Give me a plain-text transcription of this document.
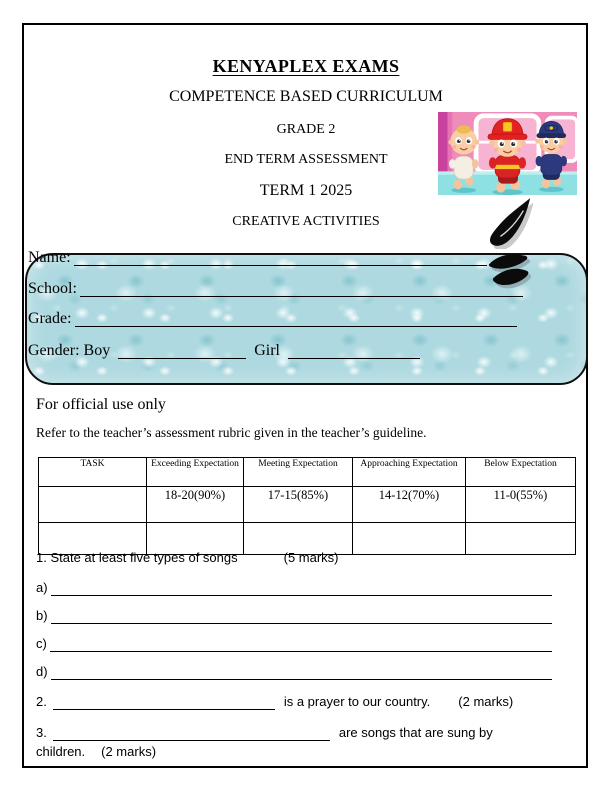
KENYAPLEX EXAMS
COMPETENCE BASED CURRICULUM
GRADE 2
END TERM ASSESSMENT
TERM 1 2025
CREATIVE ACTIVITIES
Name:
School:
Grade:
Gender: Boy	Girl
For official use only
Refer to the teacher’s assessment rubric given in the teacher’s guideline.
TASK	Exceeding Expectation	Meeting Expectation	Approaching Expectation	Below Expectation
	18-20(90%)	17-15(85%)	14-12(70%)	11-0(55%)

1. State at least five types of songs	(5 marks)
a)
b)
c)
d)
2.	is a prayer to our country. (2 marks)
3.	are songs that are sung by
children. (2 marks)
